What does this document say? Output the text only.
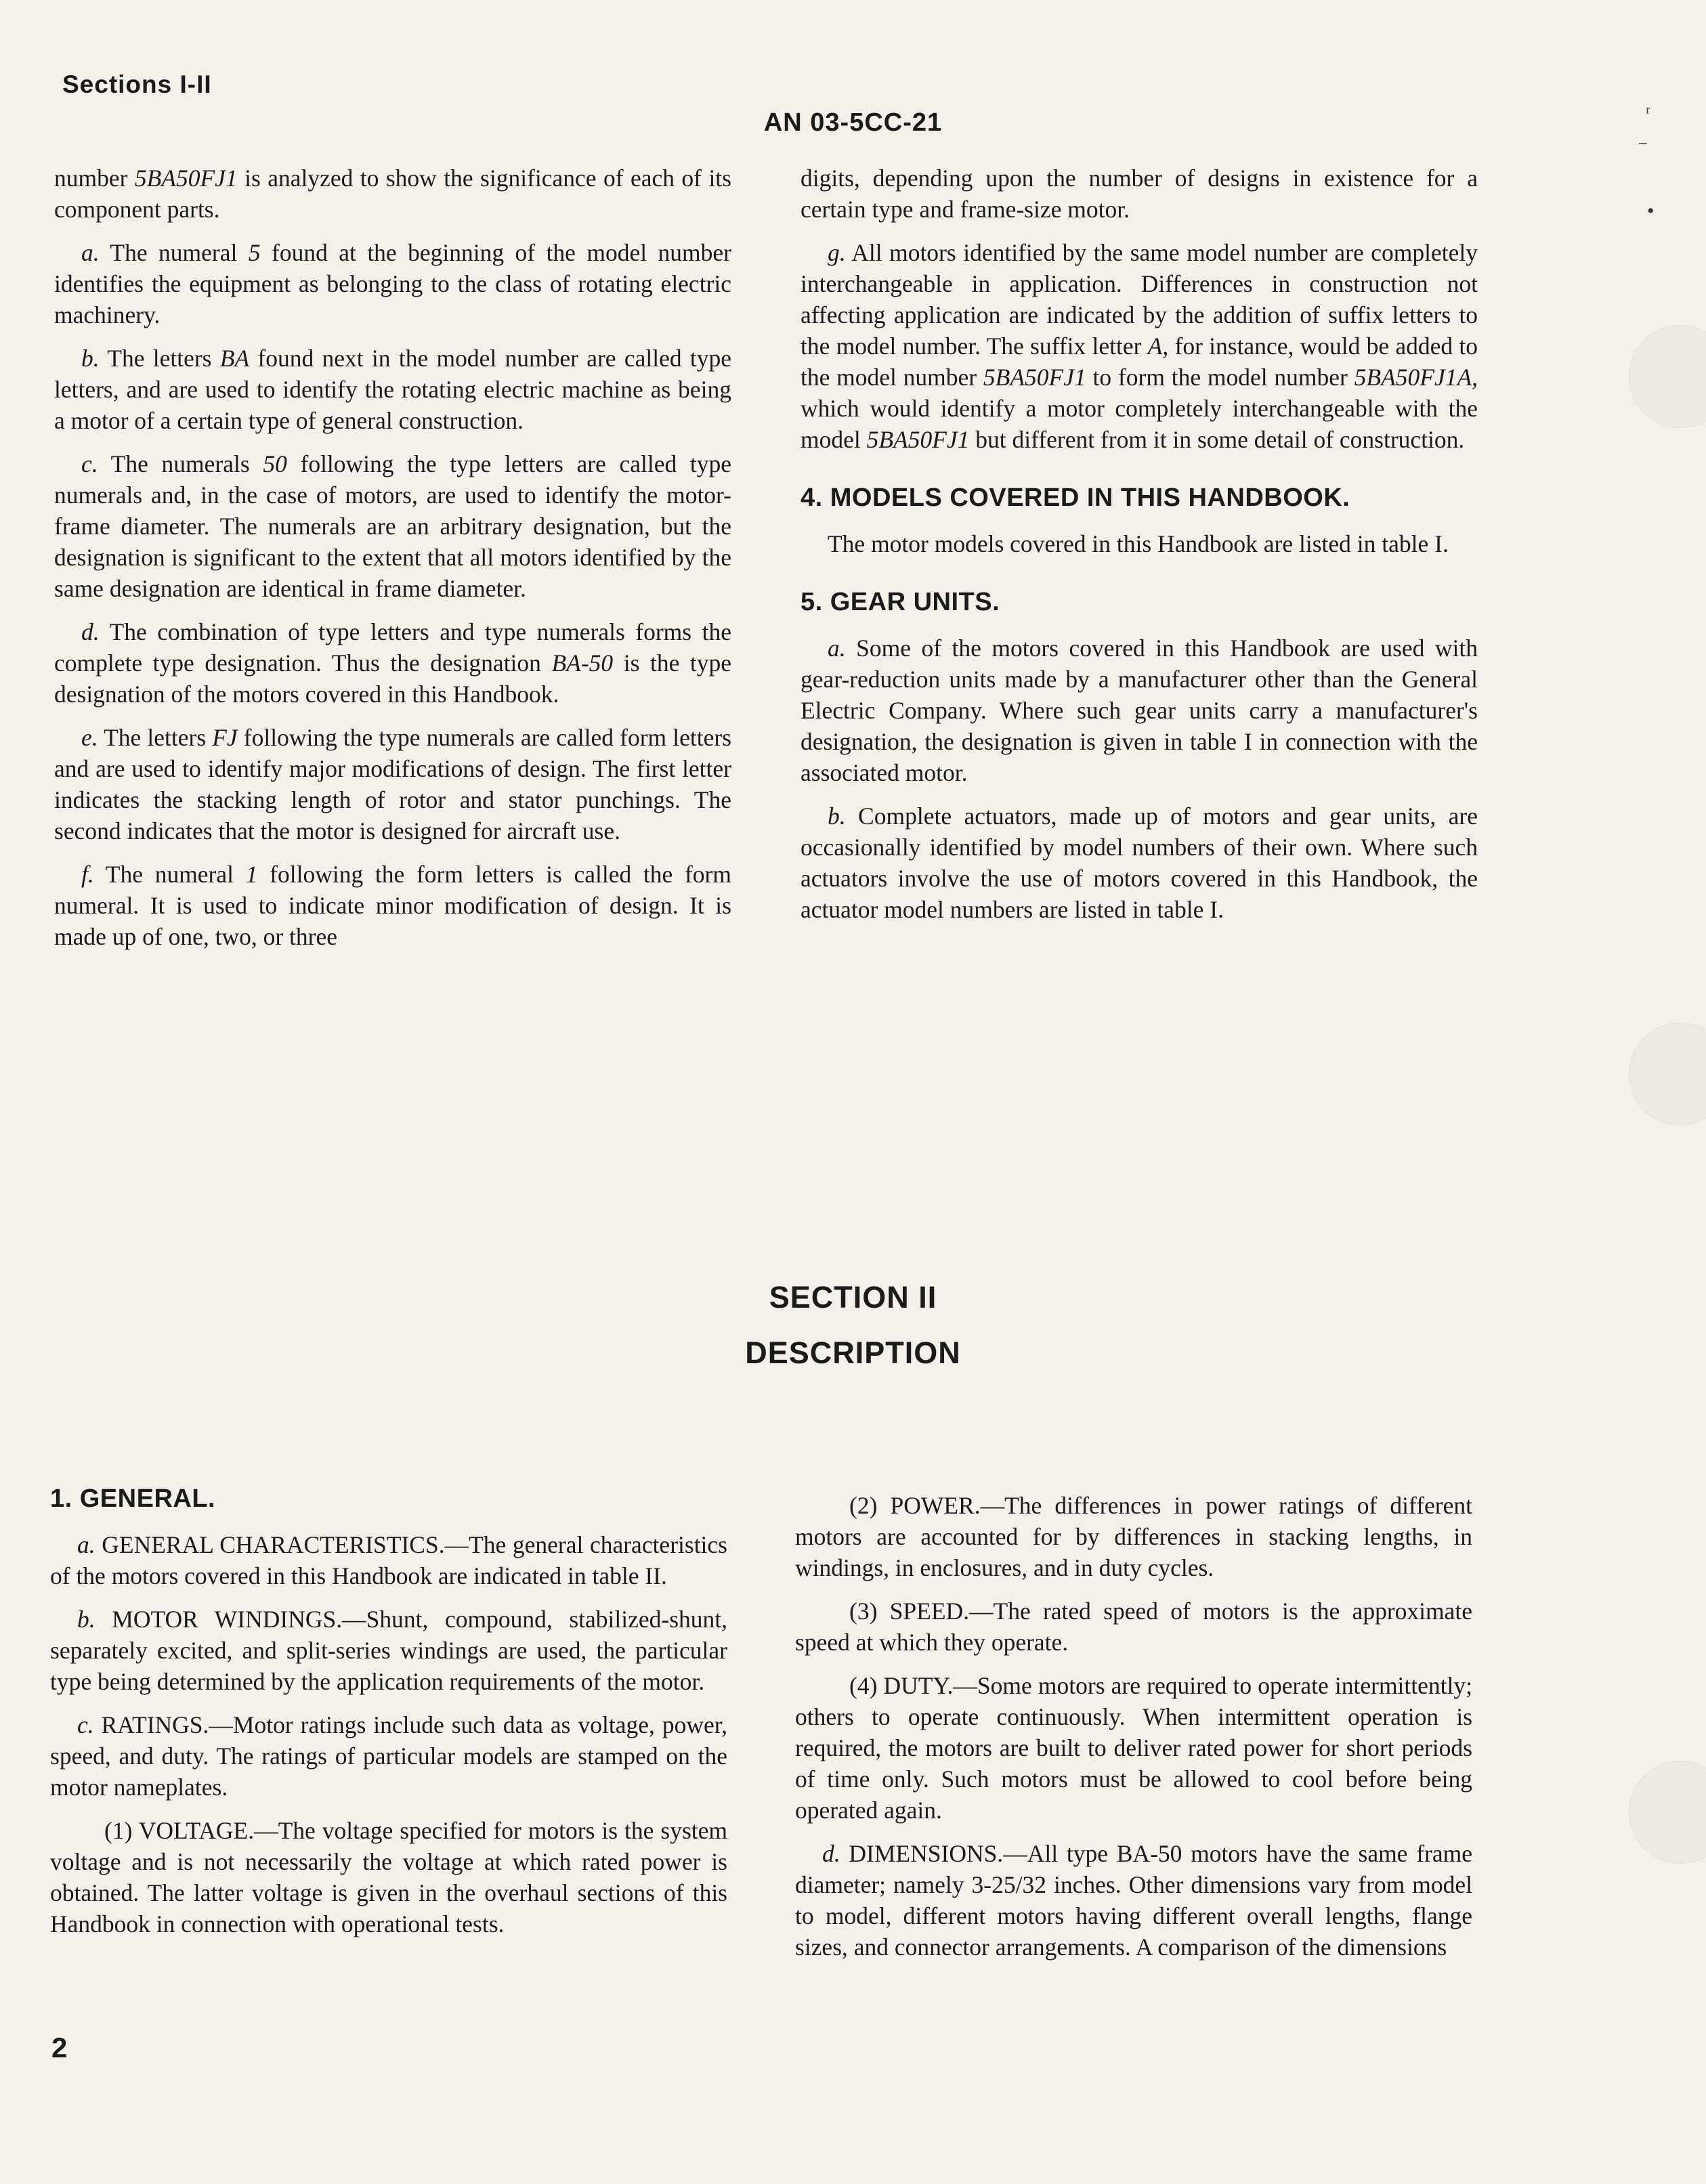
Sections I-II
AN 03-5CC-21	ʳ
⁻
•

number 5BA50FJ1 is analyzed to show the significance of each of its component parts.

a. The numeral 5 found at the beginning of the model number identifies the equipment as belonging to the class of rotating electric machinery.

b. The letters BA found next in the model number are called type letters, and are used to identify the rotating electric machine as being a motor of a certain type of general construction.

c. The numerals 50 following the type letters are called type numerals and, in the case of motors, are used to identify the motor-frame diameter. The numerals are an arbitrary designation, but the designation is significant to the extent that all motors identified by the same designation are identical in frame diameter.

d. The combination of type letters and type numerals forms the complete type designation. Thus the designation BA-50 is the type designation of the motors covered in this Handbook.

e. The letters FJ following the type numerals are called form letters and are used to identify major modifications of design. The first letter indicates the stacking length of rotor and stator punchings. The second indicates that the motor is designed for aircraft use.

f. The numeral 1 following the form letters is called the form numeral. It is used to indicate minor modification of design. It is made up of one, two, or three

digits, depending upon the number of designs in existence for a certain type and frame-size motor.

g. All motors identified by the same model number are completely interchangeable in application. Differences in construction not affecting application are indicated by the addition of suffix letters to the model number. The suffix letter A, for instance, would be added to the model number 5BA50FJ1 to form the model number 5BA50FJ1A, which would identify a motor completely interchangeable with the model 5BA50FJ1 but different from it in some detail of construction.

4. MODELS COVERED IN THIS HANDBOOK.

The motor models covered in this Handbook are listed in table I.

5. GEAR UNITS.

a. Some of the motors covered in this Handbook are used with gear-reduction units made by a manufacturer other than the General Electric Company. Where such gear units carry a manufacturer's designation, the designation is given in table I in connection with the associated motor.

b. Complete actuators, made up of motors and gear units, are occasionally identified by model numbers of their own. Where such actuators involve the use of motors covered in this Handbook, the actuator model numbers are listed in table I.

SECTION II
DESCRIPTION
1. GENERAL.

a. GENERAL CHARACTERISTICS.—The general characteristics of the motors covered in this Handbook are indicated in table II.

b. MOTOR WINDINGS.—Shunt, compound, stabilized-shunt, separately excited, and split-series windings are used, the particular type being determined by the application requirements of the motor.

c. RATINGS.—Motor ratings include such data as voltage, power, speed, and duty. The ratings of particular models are stamped on the motor nameplates.

(1) VOLTAGE.—The voltage specified for motors is the system voltage and is not necessarily the voltage at which rated power is obtained. The latter voltage is given in the overhaul sections of this Handbook in connection with operational tests.

(2) POWER.—The differences in power ratings of different motors are accounted for by differences in stacking lengths, in windings, in enclosures, and in duty cycles.

(3) SPEED.—The rated speed of motors is the approximate speed at which they operate.

(4) DUTY.—Some motors are required to operate intermittently; others to operate continuously. When intermittent operation is required, the motors are built to deliver rated power for short periods of time only. Such motors must be allowed to cool before being operated again.

d. DIMENSIONS.—All type BA-50 motors have the same frame diameter; namely 3-25/32 inches. Other dimensions vary from model to model, different motors having different overall lengths, flange sizes, and connector arrangements. A comparison of the dimensions

2
